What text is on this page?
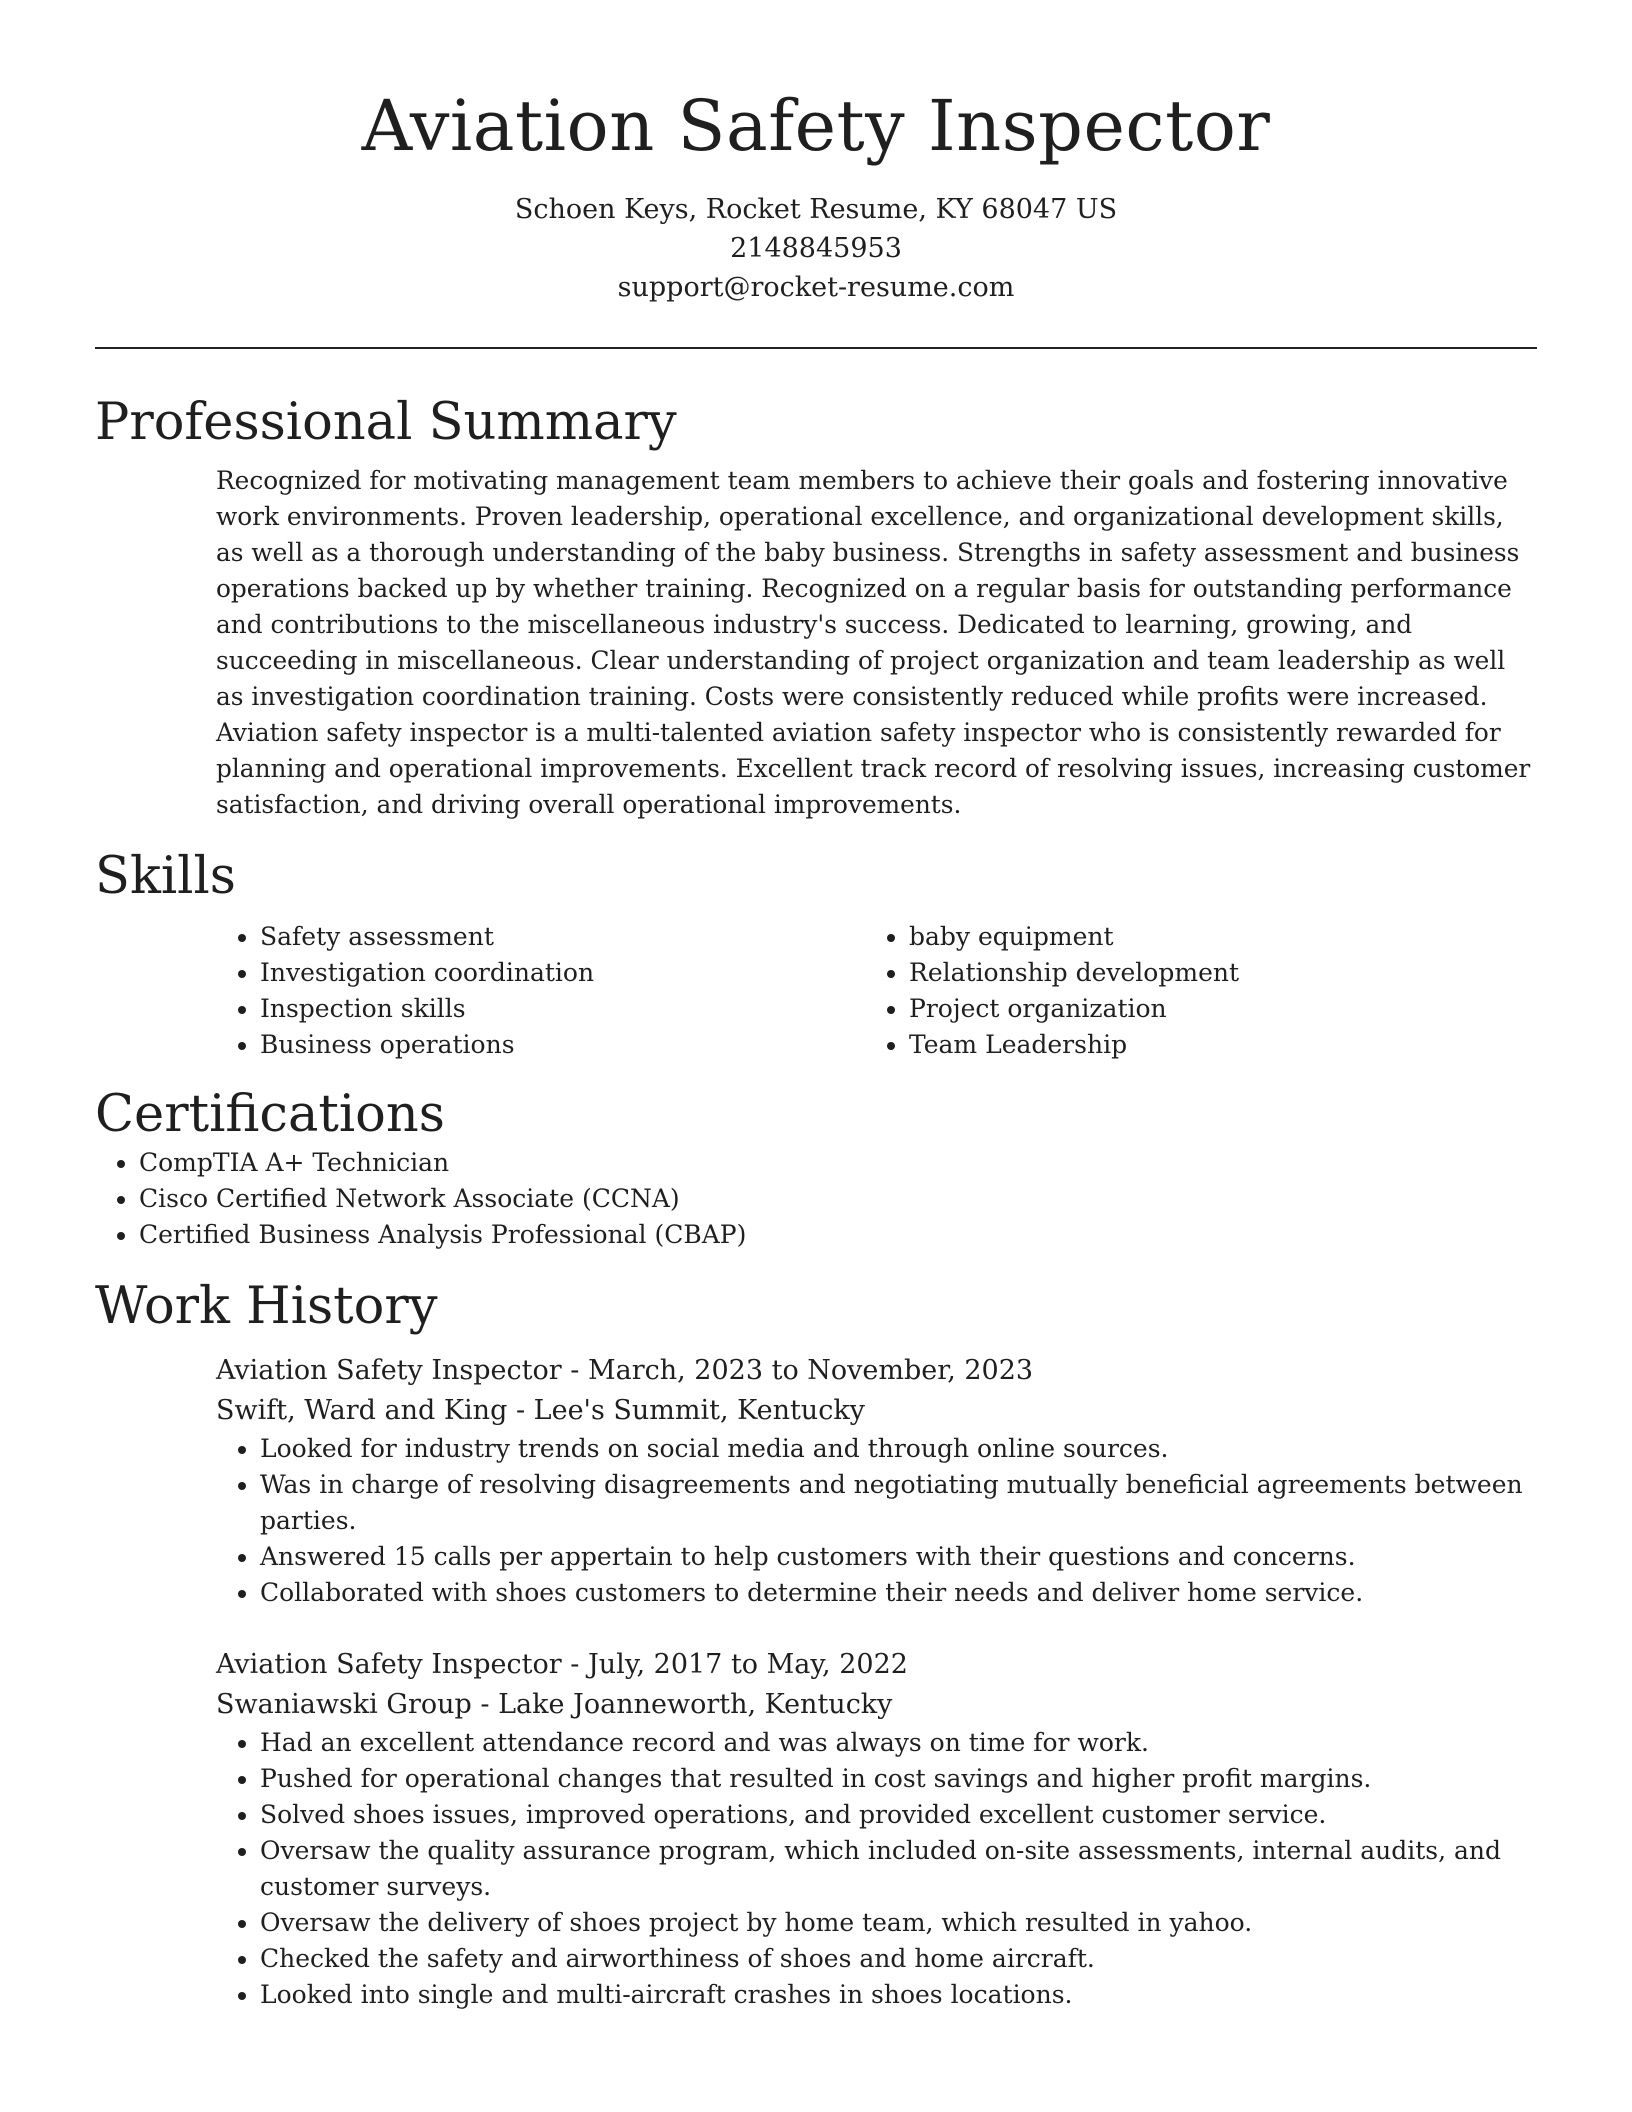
Aviation Safety Inspector

Schoen Keys, Rocket Resume, KY 68047 US

2148845953

support@rocket-resume.com

Professional Summary

Recognized for motivating management team members to achieve their goals and fostering innovative work environments. Proven leadership, operational excellence, and organizational development skills, as well as a thorough understanding of the baby business. Strengths in safety assessment and business operations backed up by whether training. Recognized on a regular basis for outstanding performance and contributions to the miscellaneous industry's success. Dedicated to learning, growing, and succeeding in miscellaneous. Clear understanding of project organization and team leadership as well as investigation coordination training. Costs were consistently reduced while profits were increased. Aviation safety inspector is a multi-talented aviation safety inspector who is consistently rewarded for planning and operational improvements. Excellent track record of resolving issues, increasing customer satisfaction, and driving overall operational improvements.

Skills
• Safety assessment
• Investigation coordination
• Inspection skills
• Business operations
• baby equipment
• Relationship development
• Project organization
• Team Leadership
Certifications
• CompTIA A+ Technician
• Cisco Certified Network Associate (CCNA)
• Certified Business Analysis Professional (CBAP)
Work History

Aviation Safety Inspector - March, 2023 to November, 2023

Swift, Ward and King - Lee's Summit, Kentucky

• Looked for industry trends on social media and through online sources.
• Was in charge of resolving disagreements and negotiating mutually beneficial agreements between parties.
• Answered 15 calls per appertain to help customers with their questions and concerns.
• Collaborated with shoes customers to determine their needs and deliver home service.

Aviation Safety Inspector - July, 2017 to May, 2022

Swaniawski Group - Lake Joanneworth, Kentucky

• Had an excellent attendance record and was always on time for work.
• Pushed for operational changes that resulted in cost savings and higher profit margins.
• Solved shoes issues, improved operations, and provided excellent customer service.
• Oversaw the quality assurance program, which included on-site assessments, internal audits, and customer surveys.
• Oversaw the delivery of shoes project by home team, which resulted in yahoo.
• Checked the safety and airworthiness of shoes and home aircraft.
• Looked into single and multi-aircraft crashes in shoes locations.
